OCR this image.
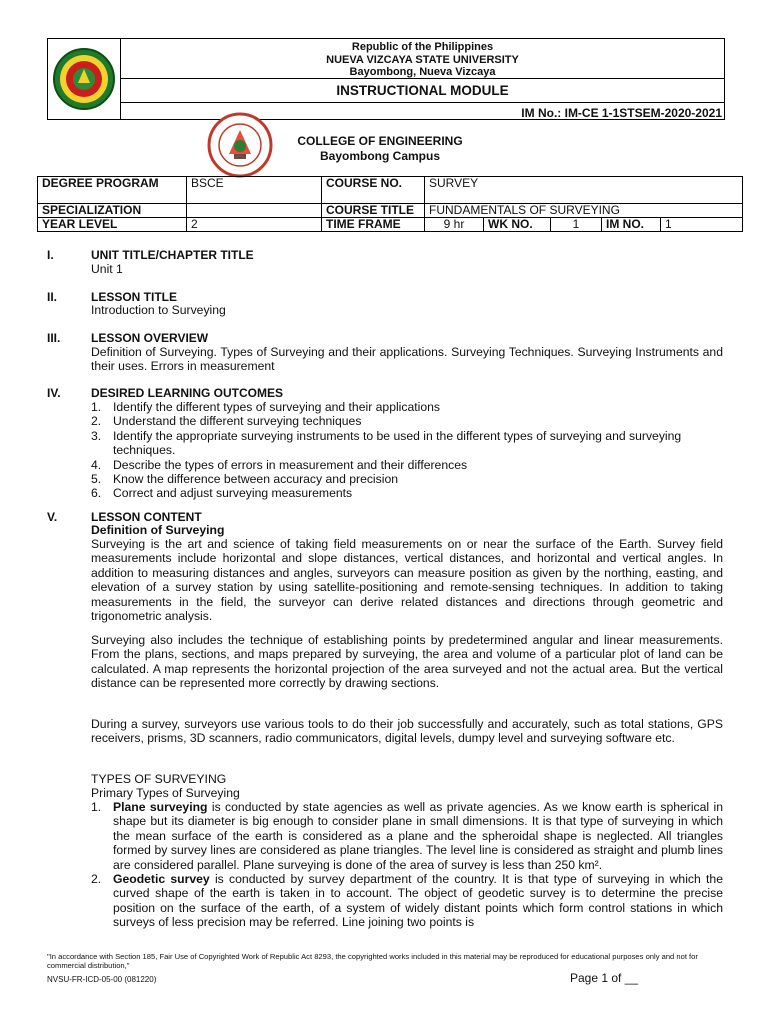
Republic of the Philippines
NUEVA VIZCAYA STATE UNIVERSITY
Bayombong, Nueva Vizcaya
INSTRUCTIONAL MODULE
IM No.: IM-CE 1-1STSEM-2020-2021
COLLEGE OF ENGINEERING
Bayombong Campus
DEGREE PROGRAM	BSCE	COURSE NO.	SURVEY				
SPECIALIZATION		COURSE TITLE	FUNDAMENTALS OF SURVEYING				
YEAR LEVEL	2	TIME FRAME	9 hr	WK NO.	1	IM NO.	1
I.	UNIT TITLE/CHAPTER TITLE
Unit 1
II.	LESSON TITLE
Introduction to Surveying
III.	LESSON OVERVIEW
Definition of Surveying. Types of Surveying and their applications. Surveying Techniques. Surveying Instruments and their uses. Errors in measurement
IV.	DESIRED LEARNING OUTCOMES
1. Identify the different types of surveying and their applications
2. Understand the different surveying techniques
3. Identify the appropriate surveying instruments to be used in the different types of surveying and surveying techniques.
4. Describe the types of errors in measurement and their differences
5. Know the difference between accuracy and precision
6. Correct and adjust surveying measurements
V.	LESSON CONTENT
Definition of Surveying
Surveying is the art and science of taking field measurements on or near the surface of the Earth. Survey field measurements include horizontal and slope distances, vertical distances, and horizontal and vertical angles. In addition to measuring distances and angles, surveyors can measure position as given by the northing, easting, and elevation of a survey station by using satellite-positioning and remote-sensing techniques. In addition to taking measurements in the field, the surveyor can derive related distances and directions through geometric and trigonometric analysis.
Surveying also includes the technique of establishing points by predetermined angular and linear measurements. From the plans, sections, and maps prepared by surveying, the area and volume of a particular plot of land can be calculated. A map represents the horizontal projection of the area surveyed and not the actual area. But the vertical distance can be represented more correctly by drawing sections.
During a survey, surveyors use various tools to do their job successfully and accurately, such as total stations, GPS receivers, prisms, 3D scanners, radio communicators, digital levels, dumpy level and surveying software etc.
TYPES OF SURVEYING
Primary Types of Surveying
1. Plane surveying is conducted by state agencies as well as private agencies. As we know earth is spherical in shape but its diameter is big enough to consider plane in small dimensions. It is that type of surveying in which the mean surface of the earth is considered as a plane and the spheroidal shape is neglected. All triangles formed by survey lines are considered as plane triangles. The level line is considered as straight and plumb lines are considered parallel. Plane surveying is done of the area of survey is less than 250 km².
2. Geodetic survey is conducted by survey department of the country. It is that type of surveying in which the curved shape of the earth is taken in to account. The object of geodetic survey is to determine the precise position on the surface of the earth, of a system of widely distant points which form control stations in which surveys of less precision may be referred. Line joining two points is
"In accordance with Section 185, Fair Use of Copyrighted Work of Republic Act 8293, the copyrighted works included in this material may be reproduced for educational purposes only and not for commercial distribution,"
NVSU-FR-ICD-05-00 (081220)	Page 1 of __
